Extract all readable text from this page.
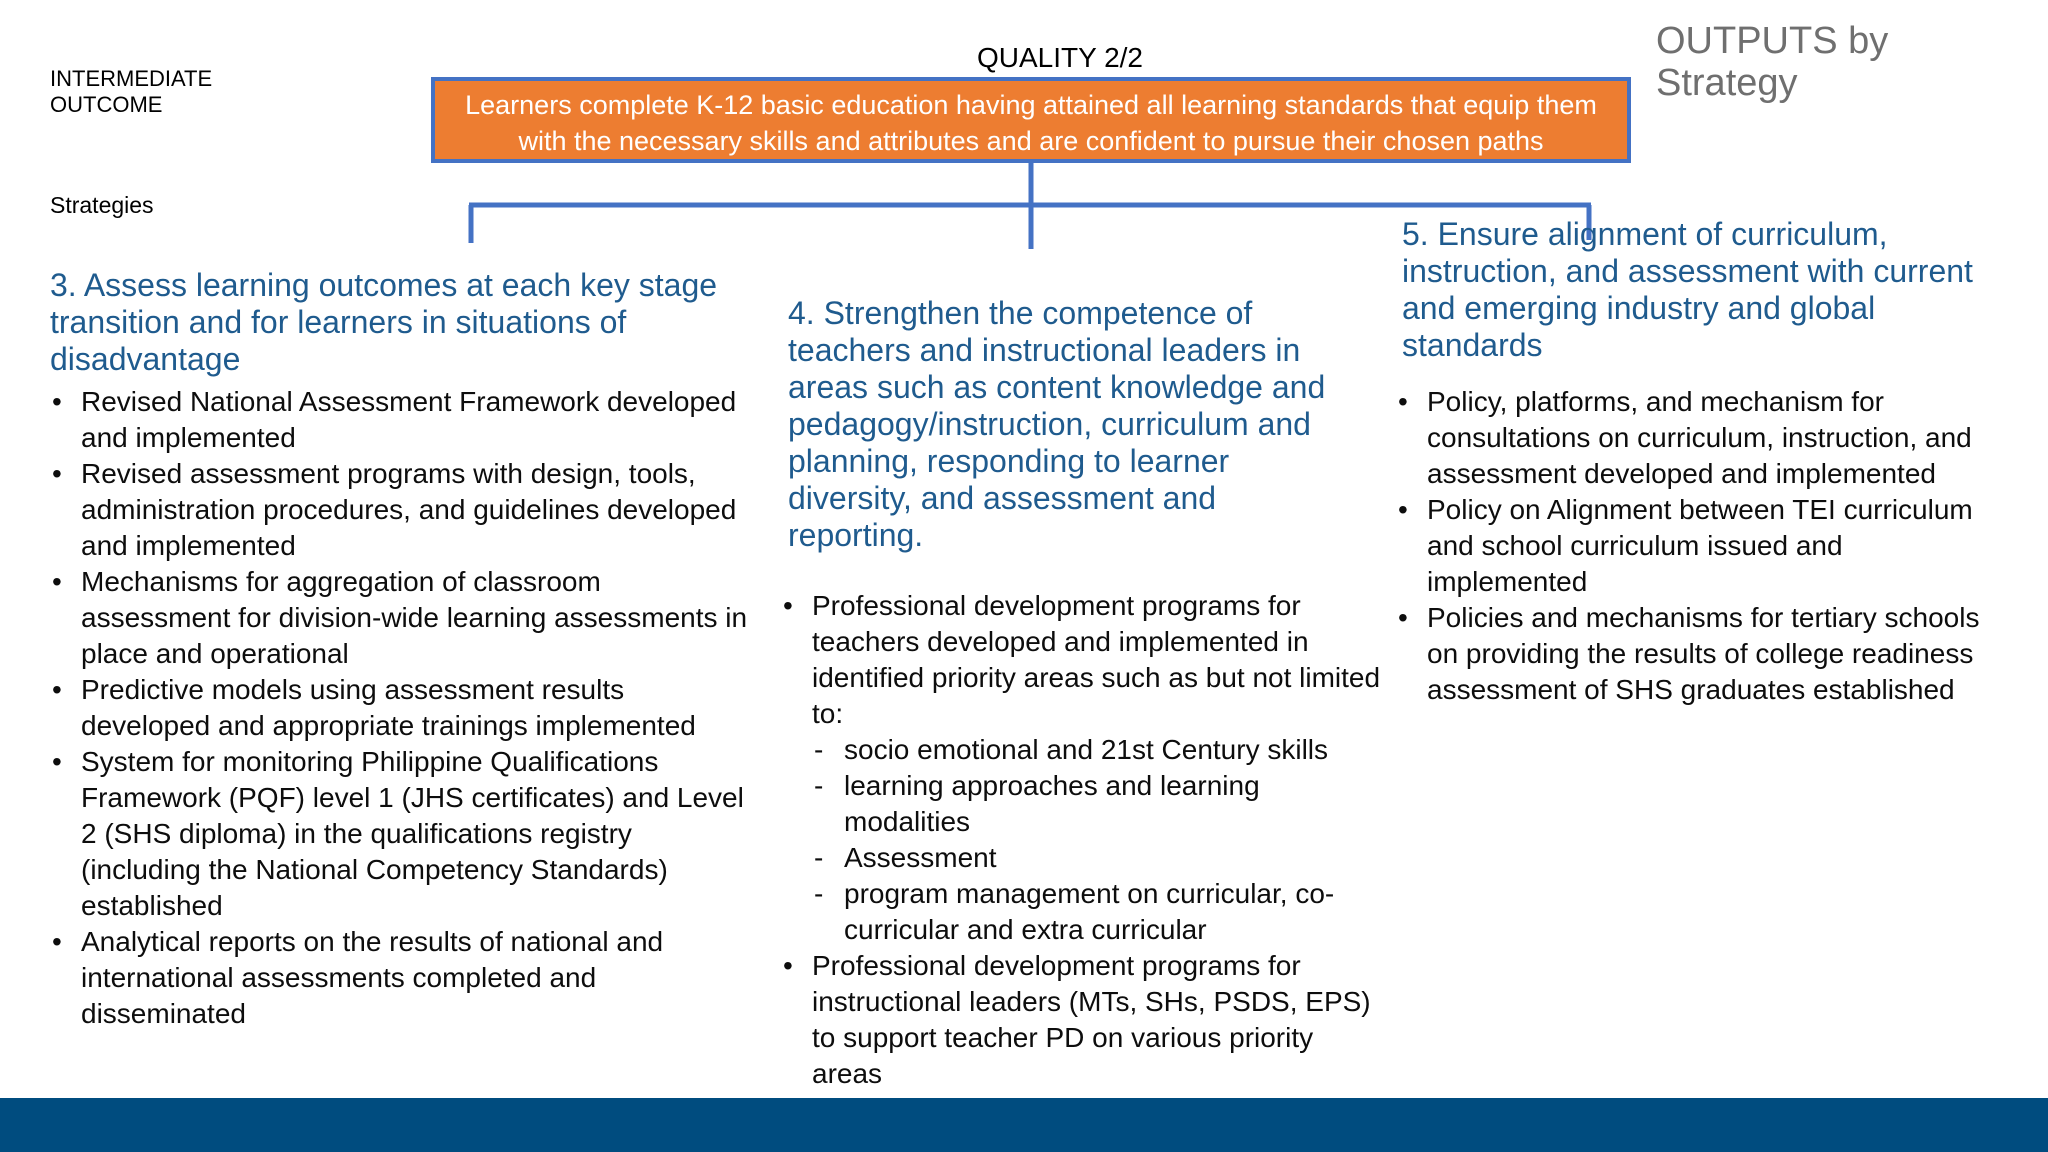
INTERMEDIATE
OUTCOME
Strategies
QUALITY 2/2	OUTPUTS by
Strategy
Learners complete K-12 basic education having attained all learning standards that equip them with the necessary skills and attributes and are confident to pursue their chosen paths
3. Assess learning outcomes at each key stage transition and for learners in situations of disadvantage
• Revised National Assessment Framework developed and implemented
• Revised assessment programs with design, tools, administration procedures, and guidelines developed and implemented
• Mechanisms for aggregation of classroom assessment for division-wide learning assessments in place and operational
• Predictive models using assessment results developed and appropriate trainings implemented
• System for monitoring Philippine Qualifications Framework (PQF) level 1 (JHS certificates) and Level 2 (SHS diploma) in the qualifications registry (including the National Competency Standards) established
• Analytical reports on the results of national and international assessments completed and disseminated
4. Strengthen the competence of teachers and instructional leaders in areas such as content knowledge and pedagogy/instruction, curriculum and planning, responding to learner diversity, and assessment and reporting.
• Professional development programs for teachers developed and implemented in identified priority areas such as but not limited to:
- socio emotional and 21st Century skills
- learning approaches and learning modalities
- Assessment
- program management on curricular, co-curricular and extra curricular
• Professional development programs for instructional leaders (MTs, SHs, PSDS, EPS) to support teacher PD on various priority areas
5. Ensure alignment of curriculum, instruction, and assessment with current and emerging industry and global standards
• Policy, platforms, and mechanism for consultations on curriculum, instruction, and assessment developed and implemented
• Policy on Alignment between TEI curriculum and school curriculum issued and implemented
• Policies and mechanisms for tertiary schools on providing the results of college readiness assessment of SHS graduates established
